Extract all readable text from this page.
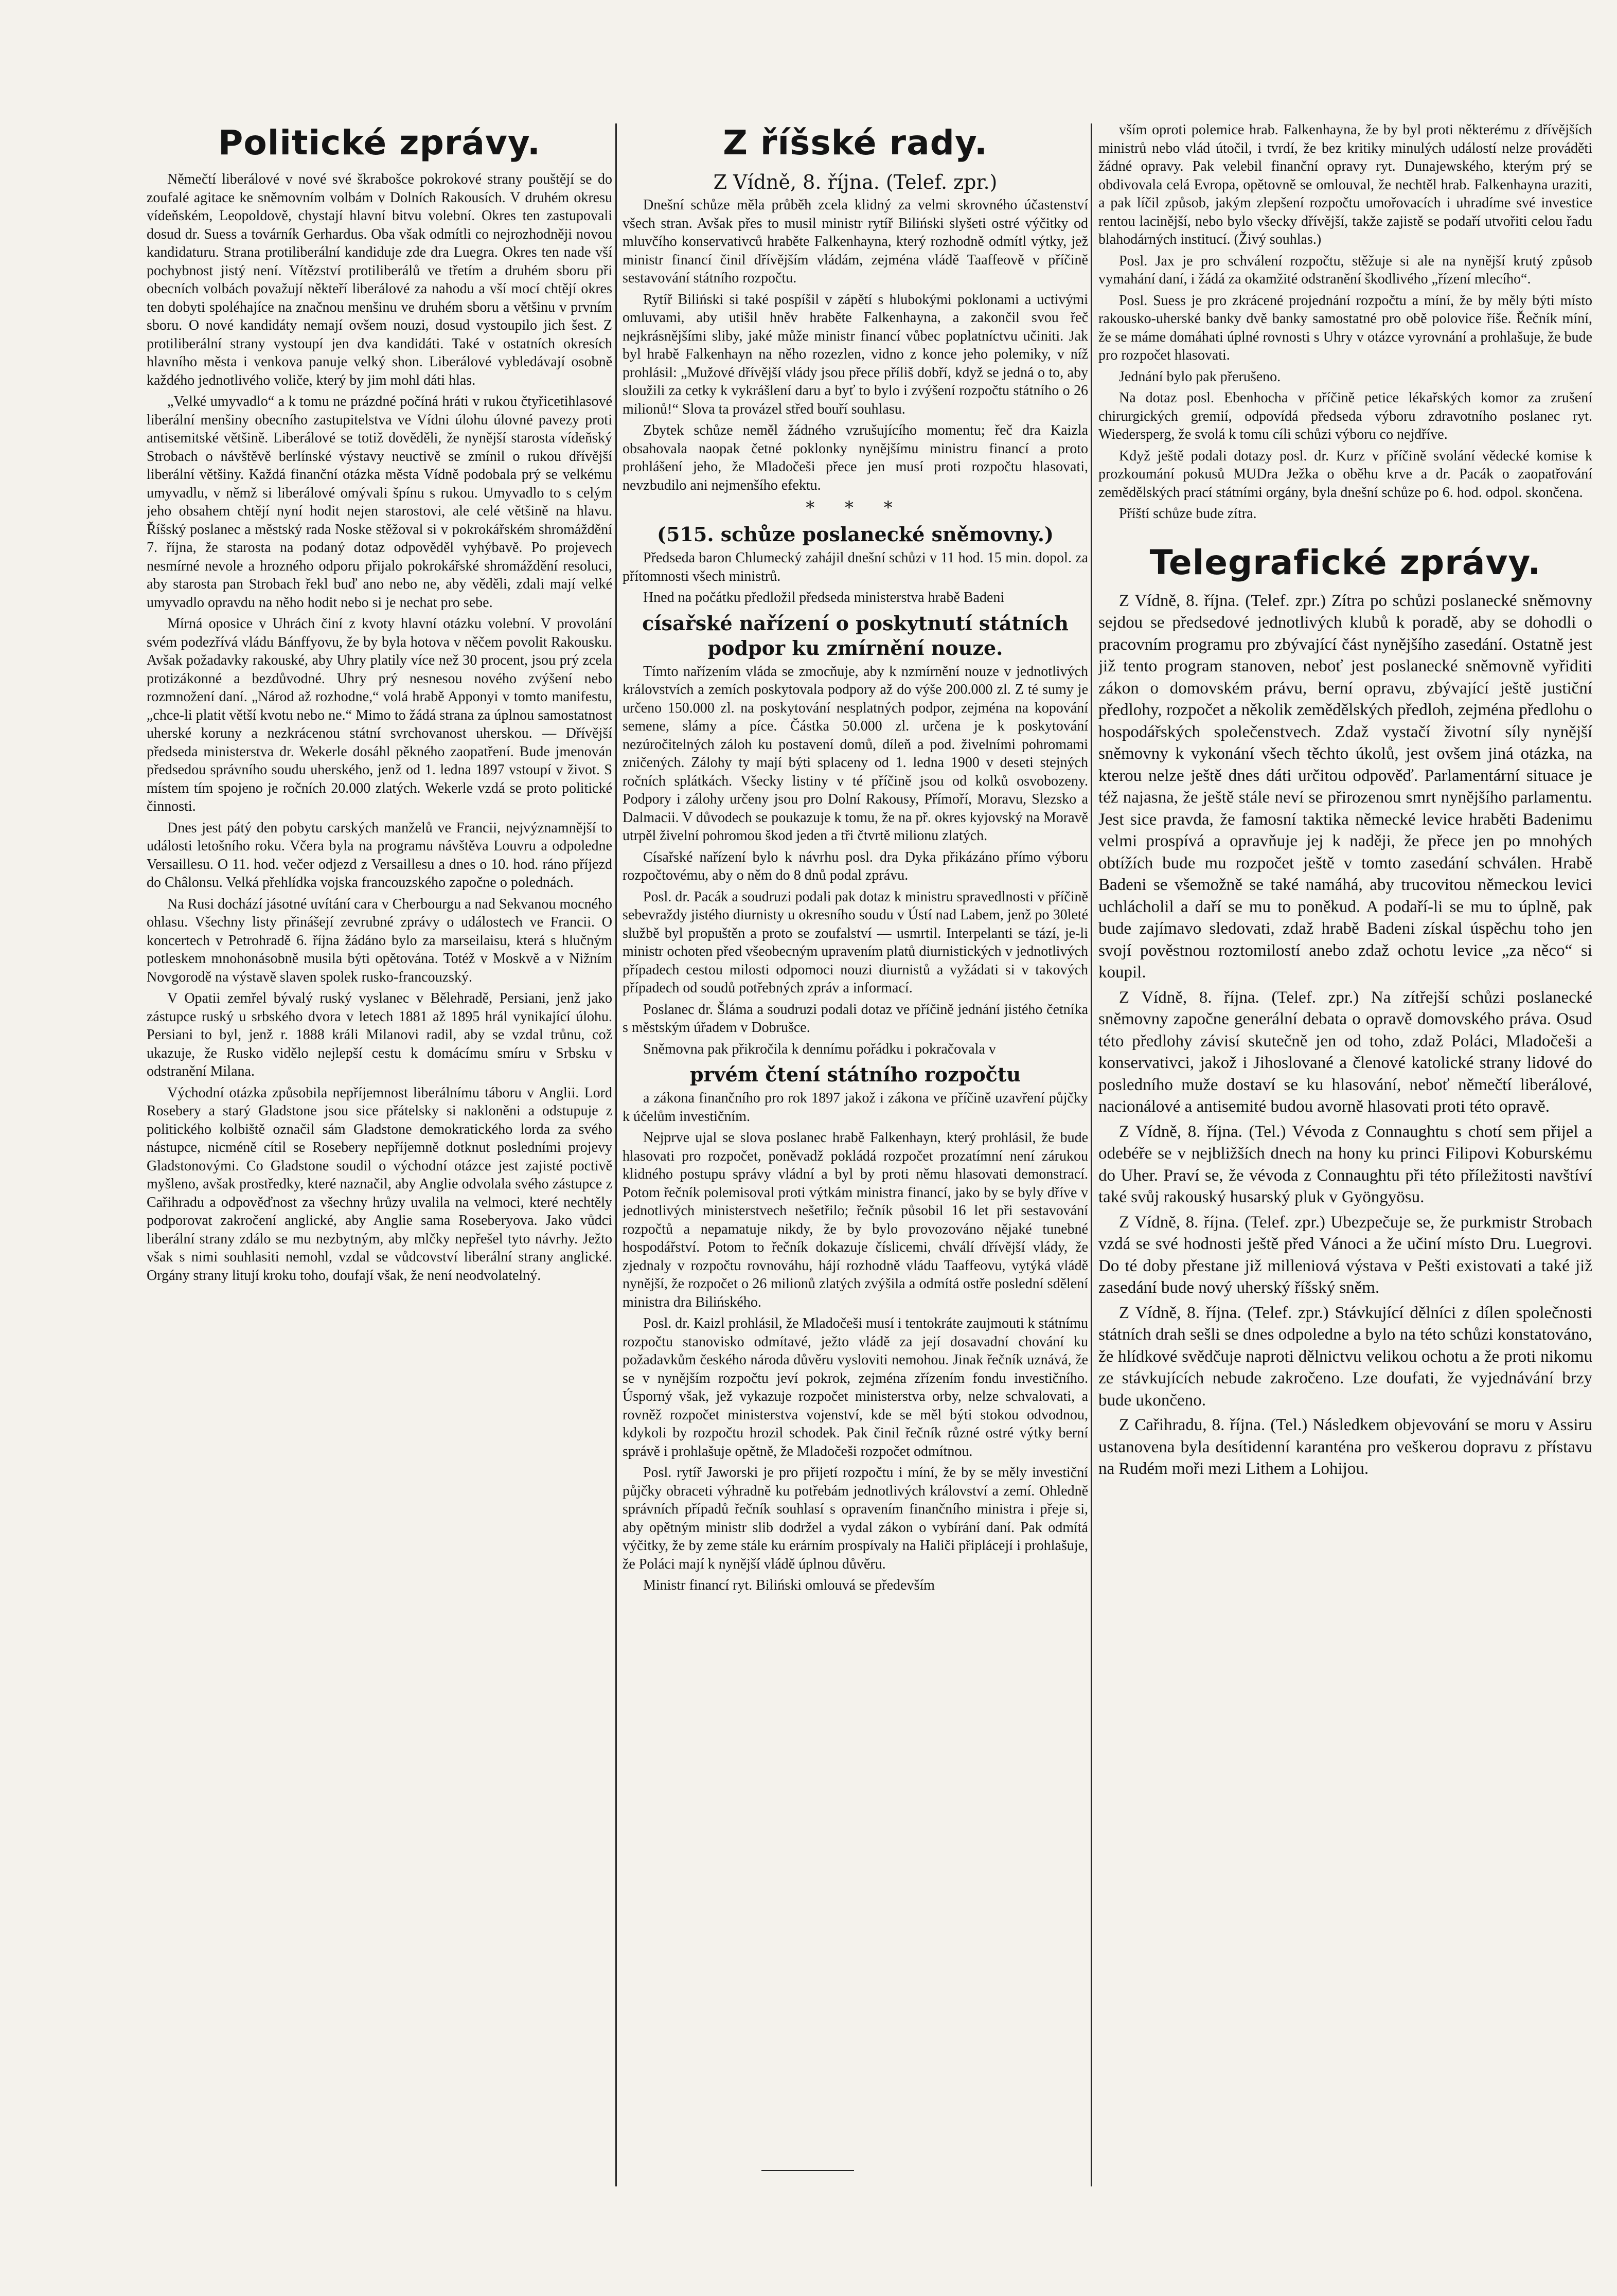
Politické zprávy.

Němečtí liberálové v nové své škrabošce pokrokové strany pouštějí se do zoufalé agitace ke sněmovním volbám v Dolních Rakousích. V druhém okresu vídeňském, Leopoldově, chystají hlavní bitvu volební. Okres ten zastupovali dosud dr. Suess a továrník Gerhardus. Oba však odmítli co nejrozhodněji novou kandidaturu. Strana protiliberální kandiduje zde dra Luegra. Okres ten nade vší pochybnost jistý není. Vítězství protiliberálů ve třetím a druhém sboru při obecních volbách považují někteří liberálové za nahodu a vší mocí chtějí okres ten dobyti spoléhajíce na značnou menšinu ve druhém sboru a většinu v prvním sboru. O nové kandidáty nemají ovšem nouzi, dosud vystoupilo jich šest. Z protiliberální strany vystoupí jen dva kandidáti. Také v ostatních okresích hlavního města i venkova panuje velký shon. Liberálové vybledávají osobně každého jednotlivého voliče, který by jim mohl dáti hlas.

„Velké umyvadlo“ a k tomu ne prázdné počíná hráti v rukou čtyřicetihlasové liberální menšiny obecního zastupitelstva ve Vídni úlohu úlovné pavezy proti antisemitské většině. Liberálové se totiž dověděli, že nynější starosta vídeňský Strobach o návštěvě berlínské výstavy neuctivě se zmínil o rukou dřívější liberální většiny. Každá finanční otázka města Vídně podobala prý se velkému umyvadlu, v němž si liberálové omývali špínu s rukou. Umyvadlo to s celým jeho obsahem chtějí nyní hodit nejen starostovi, ale celé většině na hlavu. Říšský poslanec a městský rada Noske stěžoval si v pokrokářském shromáždění 7. října, že starosta na podaný dotaz odpověděl vyhýbavě. Po projevech nesmírné nevole a hrozného odporu přijalo pokrokářské shromáždění resoluci, aby starosta pan Strobach řekl buď ano nebo ne, aby věděli, zdali mají velké umyvadlo opravdu na něho hodit nebo si je nechat pro sebe.

Mírná oposice v Uhrách činí z kvoty hlavní otázku volební. V provolání svém podezřívá vládu Bánffyovu, že by byla hotova v něčem povolit Rakousku. Avšak požadavky rakouské, aby Uhry platily více než 30 procent, jsou prý zcela protizákonné a bezdůvodné. Uhry prý nesnesou nového zvýšení nebo rozmnožení daní. „Národ až rozhodne,“ volá hrabě Apponyi v tomto manifestu, „chce-li platit větší kvotu nebo ne.“ Mimo to žádá strana za úplnou samostatnost uherské koruny a nezkrácenou státní svrchovanost uherskou. — Dřívější předseda ministerstva dr. Wekerle dosáhl pěkného zaopatření. Bude jmenován předsedou správního soudu uherského, jenž od 1. ledna 1897 vstoupí v život. S místem tím spojeno je ročních 20.000 zlatých. Wekerle vzdá se proto politické činnosti.

Dnes jest pátý den pobytu carských manželů ve Francii, nejvýznamnější to události letošního roku. Včera byla na programu návštěva Louvru a odpoledne Versaillesu. O 11. hod. večer odjezd z Versaillesu a dnes o 10. hod. ráno příjezd do Châlonsu. Velká přehlídka vojska francouzského započne o polednách.

Na Rusi dochází jásotné uvítání cara v Cherbourgu a nad Sekvanou mocného ohlasu. Všechny listy přinášejí zevrubné zprávy o událostech ve Francii. O koncertech v Petrohradě 6. října žádáno bylo za marseilaisu, která s hlučným potleskem mnohonásobně musila býti opětována. Totéž v Moskvě a v Nižním Novgorodě na výstavě slaven spolek rusko-francouzský.

V Opatii zemřel bývalý ruský vyslanec v Bělehradě, Persiani, jenž jako zástupce ruský u srbského dvora v letech 1881 až 1895 hrál vynikající úlohu. Persiani to byl, jenž r. 1888 králi Milanovi radil, aby se vzdal trůnu, což ukazuje, že Rusko vidělo nejlepší cestu k domácímu smíru v Srbsku v odstranění Milana.

Východní otázka způsobila nepříjemnost liberálnímu táboru v Anglii. Lord Rosebery a starý Gladstone jsou sice přátelsky si nakloněni a odstupuje z politického kolbiště označil sám Gladstone demokratického lorda za svého nástupce, nicméně cítil se Rosebery nepříjemně dotknut posledními projevy Gladstonovými. Co Gladstone soudil o východní otázce jest zajisté poctivě myšleno, avšak prostředky, které naznačil, aby Anglie odvolala svého zástupce z Cařihradu a odpověďnost za všechny hrůzy uvalila na velmoci, které nechtěly podporovat zakročení anglické, aby Anglie sama Roseberyova. Jako vůdci liberální strany zdálo se mu nezbytným, aby mlčky nepřešel tyto návrhy. Ježto však s nimi souhlasiti nemohl, vzdal se vůdcovství liberální strany anglické. Orgány strany litují kroku toho, doufají však, že není neodvolatelný.

Z říšské rady.
Z Vídně, 8. října. (Telef. zpr.)

Dnešní schůze měla průběh zcela klidný za velmi skrovného účastenství všech stran. Avšak přes to musil ministr rytíř Biliński slyšeti ostré výčitky od mluvčího konservativců hraběte Falkenhayna, který rozhodně odmítl výtky, jež ministr financí činil dřívějším vládám, zejména vládě Taaffeově v příčině sestavování státního rozpočtu.

Rytíř Biliński si také pospíšil v zápětí s hlubokými poklonami a uctivými omluvami, aby utišil hněv hraběte Falkenhayna, a zakončil svou řeč nejkrásnějšími sliby, jaké může ministr financí vůbec poplatníctvu učiniti. Jak byl hrabě Falkenhayn na něho rozezlen, vidno z konce jeho polemiky, v níž prohlásil: „Mužové dřívější vlády jsou přece příliš dobří, když se jedná o to, aby sloužili za cetky k vykrášlení daru a byť to bylo i zvýšení rozpočtu státního o 26 milionů!“ Slova ta provázel střed bouří souhlasu.

Zbytek schůze neměl žádného vzrušujícího momentu; řeč dra Kaizla obsahovala naopak četné poklonky nynějšímu ministru financí a proto prohlášení jeho, že Mladočeši přece jen musí proti rozpočtu hlasovati, nevzbudilo ani nejmenšího efektu.

* * *
(515. schůze poslanecké sněmovny.)

Předseda baron Chlumecký zahájil dnešní schůzi v 11 hod. 15 min. dopol. za přítomnosti všech ministrů.

Hned na počátku předložil předseda ministerstva hrabě Badeni

císařské nařízení o poskytnutí státních podpor ku zmírnění nouze.

Tímto nařízením vláda se zmocňuje, aby k nzmírnění nouze v jednotlivých královstvích a zemích poskytovala podpory až do výše 200.000 zl. Z té sumy je určeno 150.000 zl. na poskytování nesplatných podpor, zejména na kopování semene, slámy a píce. Částka 50.000 zl. určena je k poskytování nezúročitelných záloh ku postavení domů, díleň a pod. živelními pohromami zničených. Zálohy ty mají býti splaceny od 1. ledna 1900 v deseti stejných ročních splátkách. Všecky listiny v té příčině jsou od kolků osvobozeny. Podpory i zálohy určeny jsou pro Dolní Rakousy, Přímoří, Moravu, Slezsko a Dalmacii. V důvodech se poukazuje k tomu, že na př. okres kyjovský na Moravě utrpěl živelní pohromou škod jeden a tři čtvrtě milionu zlatých.

Císařské nařízení bylo k návrhu posl. dra Dyka přikázáno přímo výboru rozpočtovému, aby o něm do 8 dnů podal zprávu.

Posl. dr. Pacák a soudruzi podali pak dotaz k ministru spravedlnosti v příčině sebevraždy jistého diurnisty u okresního soudu v Ústí nad Labem, jenž po 30leté službě byl propuštěn a proto se zoufalství — usmrtil. Interpelanti se tází, je-li ministr ochoten před všeobecným upravením platů diurnistických v jednotlivých případech cestou milosti odpomoci nouzi diurnistů a vyžádati si v takových případech od soudů potřebných zpráv a informací.

Poslanec dr. Šláma a soudruzi podali dotaz ve příčině jednání jistého četníka s městským úřadem v Dobrušce.

Sněmovna pak přikročila k dennímu pořádku i pokračovala v

prvém čtení státního rozpočtu

a zákona finančního pro rok 1897 jakož i zákona ve příčině uzavření půjčky k účelům investičním.

Nejprve ujal se slova poslanec hrabě Falkenhayn, který prohlásil, že bude hlasovati pro rozpočet, poněvadž pokládá rozpočet prozatímní není zárukou klidného postupu správy vládní a byl by proti němu hlasovati demonstrací. Potom řečník polemisoval proti výtkám ministra financí, jako by se byly dříve v jednotlivých ministerstvech nešetřilo; řečník působil 16 let při sestavování rozpočtů a nepamatuje nikdy, že by bylo provozováno nějaké tunebné hospodářství. Potom to řečník dokazuje číslicemi, chválí dřívější vlády, že zjednaly v rozpočtu rovnováhu, hájí rozhodně vládu Taaffeovu, vytýká vládě nynější, že rozpočet o 26 milionů zlatých zvýšila a odmítá ostře poslední sdělení ministra dra Bilińského.

Posl. dr. Kaizl prohlásil, že Mladočeši musí i tentokráte zaujmouti k státnímu rozpočtu stanovisko odmítavé, ježto vládě za její dosavadní chování ku požadavkům českého národa důvěru vysloviti nemohou. Jinak řečník uznává, že se v nynějším rozpočtu jeví pokrok, zejména zřízením fondu investičního. Úsporný však, jež vykazuje rozpočet ministerstva orby, nelze schvalovati, a rovněž rozpočet ministerstva vojenství, kde se měl býti stokou odvodnou, kdykoli by rozpočtu hrozil schodek. Pak činil řečník různé ostré výtky berní správě i prohlašuje opětně, že Mladočeši rozpočet odmítnou.

Posl. rytíř Jaworski je pro přijetí rozpočtu i míní, že by se měly investiční půjčky obraceti výhradně ku potřebám jednotlivých království a zemí. Ohledně správních případů řečník souhlasí s opravením finančního ministra i přeje si, aby opětným ministr slib dodržel a vydal zákon o vybírání daní. Pak odmítá výčitky, že by zeme stále ku erárním prospívaly na Haliči připlácejí i prohlašuje, že Poláci mají k nynější vládě úplnou důvěru.

Ministr financí ryt. Biliński omlouvá se především

vším oproti polemice hrab. Falkenhayna, že by byl proti některému z dřívějších ministrů nebo vlád útočil, i tvrdí, že bez kritiky minulých událostí nelze prováděti žádné opravy. Pak velebil finanční opravy ryt. Dunajewského, kterým prý se obdivovala celá Evropa, opětovně se omlouval, že nechtěl hrab. Falkenhayna uraziti, a pak líčil způsob, jakým zlepšení rozpočtu umořovacích i uhradíme své investice rentou lacinější, nebo bylo všecky dřívější, takže zajistě se podaří utvořiti celou řadu blahodárných institucí. (Živý souhlas.)

Posl. Jax je pro schválení rozpočtu, stěžuje si ale na nynější krutý způsob vymahání daní, i žádá za okamžité odstranění škodlivého „řízení mlecího“.

Posl. Suess je pro zkrácené projednání rozpočtu a míní, že by měly býti místo rakousko-uherské banky dvě banky samostatné pro obě polovice říše. Řečník míní, že se máme domáhati úplné rovnosti s Uhry v otázce vyrovnání a prohlašuje, že bude pro rozpočet hlasovati.

Jednání bylo pak přerušeno.

Na dotaz posl. Ebenhocha v příčině petice lékařských komor za zrušení chirurgických gremií, odpovídá předseda výboru zdravotního poslanec ryt. Wiedersperg, že svolá k tomu cíli schůzi výboru co nejdříve.

Když ještě podali dotazy posl. dr. Kurz v příčině svolání vědecké komise k prozkoumání pokusů MUDra Ježka o oběhu krve a dr. Pacák o zaopatřování zemědělských prací státními orgány, byla dnešní schůze po 6. hod. odpol. skončena.

Příští schůze bude zítra.

Telegrafické zprávy.

Z Vídně, 8. října. (Telef. zpr.) Zítra po schůzi poslanecké sněmovny sejdou se předsedové jednotlivých klubů k poradě, aby se dohodli o pracovním programu pro zbývající část nynějšího zasedání. Ostatně jest již tento program stanoven, neboť jest poslanecké sněmovně vyřiditi zákon o domovském právu, berní opravu, zbývající ještě justiční předlohy, rozpočet a několik zemědělských předloh, zejména předlohu o hospodářských společenstvech. Zdaž vystačí životní síly nynější sněmovny k vykonání všech těchto úkolů, jest ovšem jiná otázka, na kterou nelze ještě dnes dáti určitou odpověď. Parlamentární situace je též najasna, že ještě stále neví se přirozenou smrt nynějšího parlamentu. Jest sice pravda, že famosní taktika německé levice hraběti Badenimu velmi prospívá a opravňuje jej k naději, že přece jen po mnohých obtížích bude mu rozpočet ještě v tomto zasedání schválen. Hrabě Badeni se všemožně se také namáhá, aby trucovitou německou levici uchlácholil a daří se mu to poněkud. A podaří-li se mu to úplně, pak bude zajímavo sledovati, zdaž hrabě Badeni získal úspěchu toho jen svojí pověstnou roztomilostí anebo zdaž ochotu levice „za něco“ si koupil.

Z Vídně, 8. října. (Telef. zpr.) Na zítřejší schůzi poslanecké sněmovny započne generální debata o opravě domovského práva. Osud této předlohy závisí skutečně jen od toho, zdaž Poláci, Mladočeši a konservativci, jakož i Jihoslované a členové katolické strany lidové do posledního muže dostaví se ku hlasování, neboť němečtí liberálové, nacionálové a antisemité budou avorně hlasovati proti této opravě.

Z Vídně, 8. října. (Tel.) Vévoda z Connaughtu s chotí sem přijel a odebéře se v nejbližších dnech na hony ku princi Filipovi Koburskému do Uher. Praví se, že vévoda z Connaughtu při této příležitosti navštíví také svůj rakouský husarský pluk v Gyöngyösu.

Z Vídně, 8. října. (Telef. zpr.) Ubezpečuje se, že purkmistr Strobach vzdá se své hodnosti ještě před Vánoci a že učiní místo Dru. Luegrovi. Do té doby přestane již milleniová výstava v Pešti existovati a také již zasedání bude nový uherský říšský sněm.

Z Vídně, 8. října. (Telef. zpr.) Stávkující dělníci z dílen společnosti státních drah sešli se dnes odpoledne a bylo na této schůzi konstatováno, že hlídkové svědčuje naproti dělnictvu velikou ochotu a že proti nikomu ze stávkujících nebude zakročeno. Lze doufati, že vyjednávání brzy bude ukončeno.

Z Cařihradu, 8. října. (Tel.) Následkem objevování se moru v Assiru ustanovena byla desítidenní karanténa pro veškerou dopravu z přístavu na Rudém moři mezi Lithem a Lohijou.
